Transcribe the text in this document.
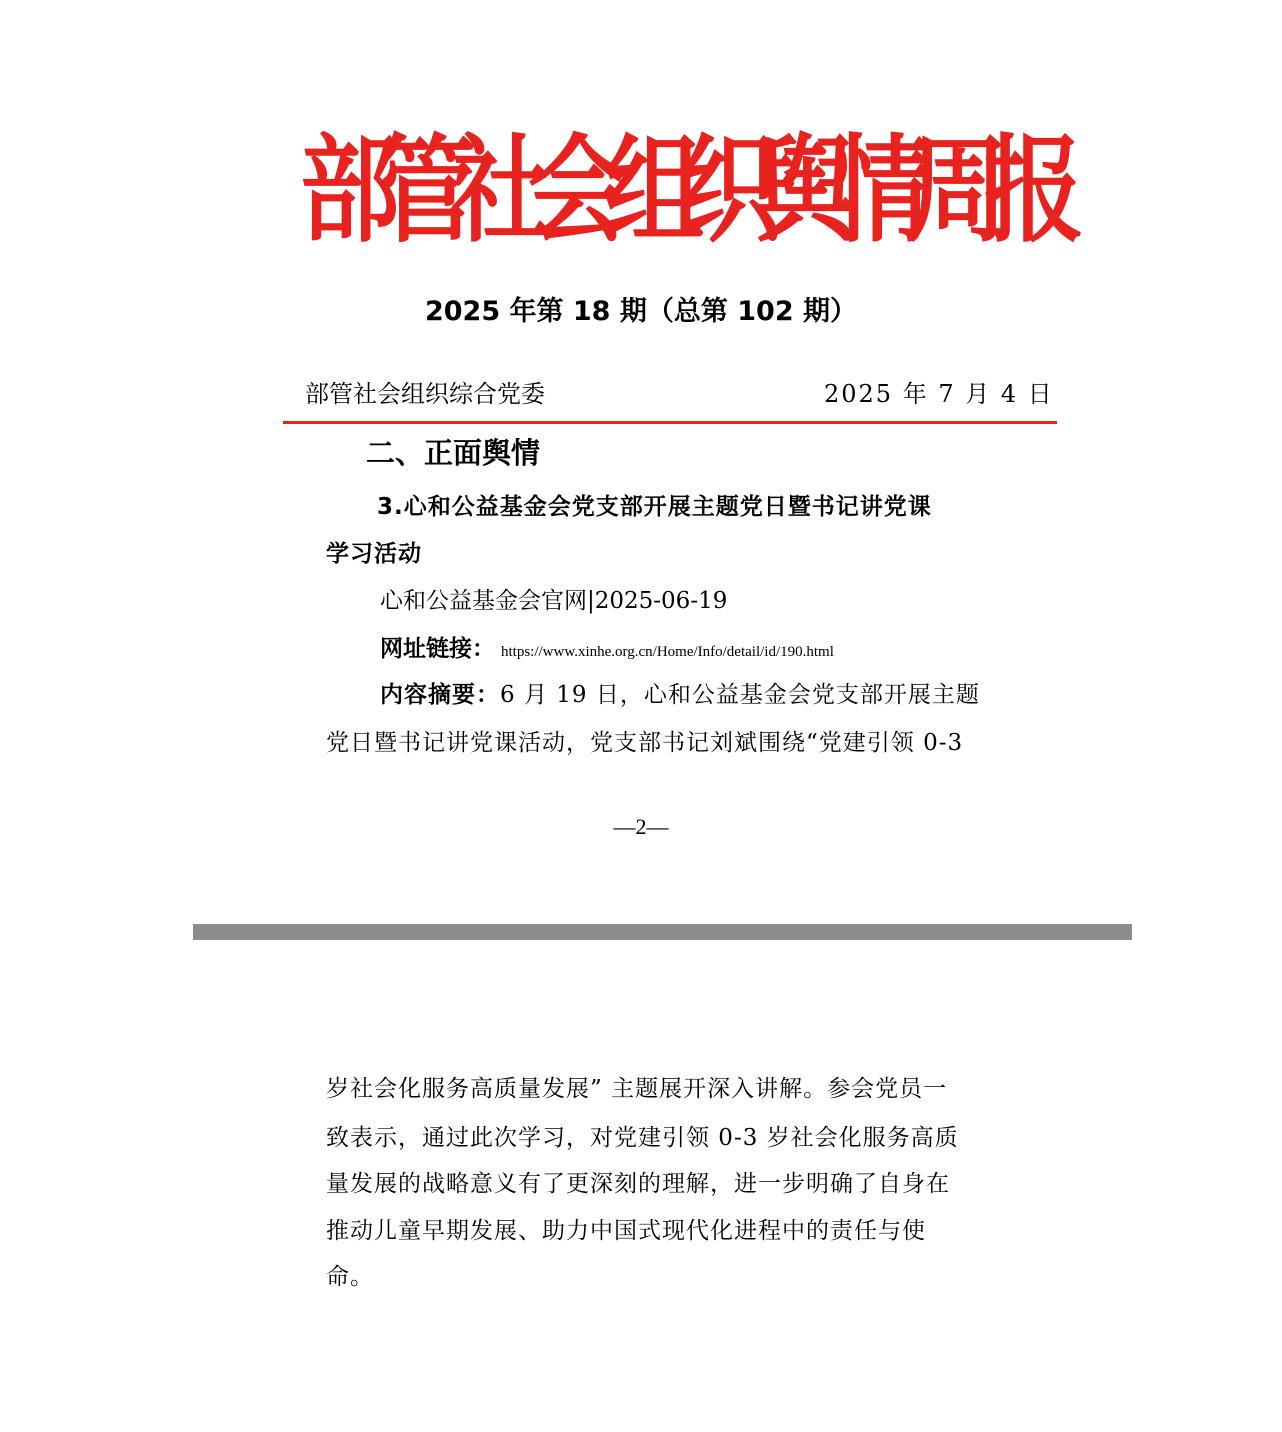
部管社会组织舆情周报
2025 年第 18 期（总第 102 期）
部管社会组织综合党委	2025 年 7 月 4 日
二、正面舆情
3.心和公益基金会党支部开展主题党日暨书记讲党课
学习活动
心和公益基金会官网|2025-06-19
网址链接： https://www.xinhe.org.cn/Home/Info/detail/id/190.html
内容摘要：6 月 19 日，心和公益基金会党支部开展主题
党日暨书记讲党课活动，党支部书记刘斌围绕“党建引领 0-3
—2—
岁社会化服务高质量发展” 主题展开深入讲解。参会党员一
致表示，通过此次学习，对党建引领 0-3 岁社会化服务高质
量发展的战略意义有了更深刻的理解，进一步明确了自身在
推动儿童早期发展、助力中国式现代化进程中的责任与使
命。
